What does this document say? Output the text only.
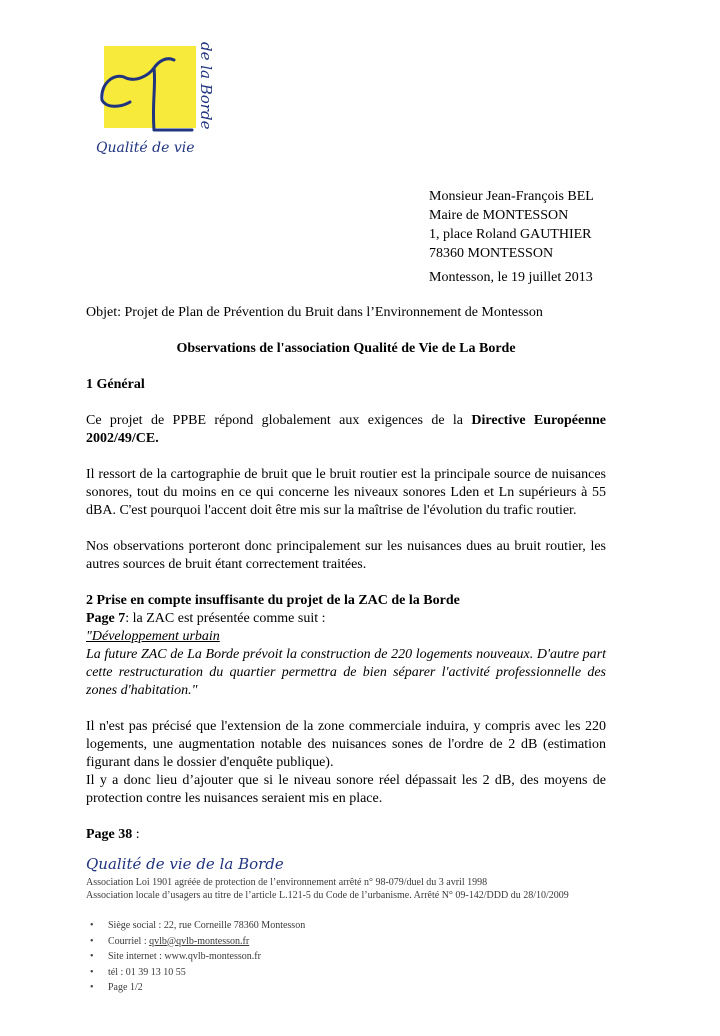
de la Borde
Qualité de vie
Monsieur Jean-François BEL
Maire de MONTESSON
1, place Roland GAUTHIER
78360 MONTESSON
Montesson, le 19 juillet 2013

Objet: Projet de Plan de Prévention du Bruit dans l’Environnement de Montesson

Observations de l'association Qualité de Vie de La Borde

1 Général

Ce projet de PPBE répond globalement aux exigences de la Directive Européenne 2002/49/CE.

Il ressort de la cartographie de bruit que le bruit routier est la principale source de nuisances sonores, tout du moins en ce qui concerne les niveaux sonores Lden et Ln supérieurs à 55 dBA. C'est pourquoi l'accent doit être mis sur la maîtrise de l'évolution du trafic routier.

Nos observations porteront donc principalement sur les nuisances dues au bruit routier, les autres sources de bruit étant correctement traitées.

2 Prise en compte insuffisante du projet de la ZAC de la Borde

Page 7: la ZAC est présentée comme suit :

"Développement urbain

La future ZAC de La Borde prévoit la construction de 220 logements nouveaux. D'autre part cette restructuration du quartier permettra de bien séparer l'activité professionnelle des zones d'habitation."

Il n'est pas précisé que l'extension de la zone commerciale induira, y compris avec les 220 logements, une augmentation notable des nuisances sones de l'ordre de 2 dB (estimation figurant dans le dossier d'enquête publique).

Il y a donc lieu d’ajouter que si le niveau sonore réel dépassait les 2 dB, des moyens de protection contre les nuisances seraient mis en place.

Page 38 :

Qualité de vie de la Borde
Association Loi 1901 agréée de protection de l’environnement arrêté n° 98-079/duel du 3 avril 1998
Association locale d’usagers au titre de l’article L.121-5 du Code de l’urbanisme. Arrêté N° 09-142/DDD du 28/10/2009
• Siège social : 22, rue Corneille 78360 Montesson
• Courriel : qvlb@qvlb-montesson.fr
• Site internet : www.qvlb-montesson.fr
• tél : 01 39 13 10 55
• Page 1/2
